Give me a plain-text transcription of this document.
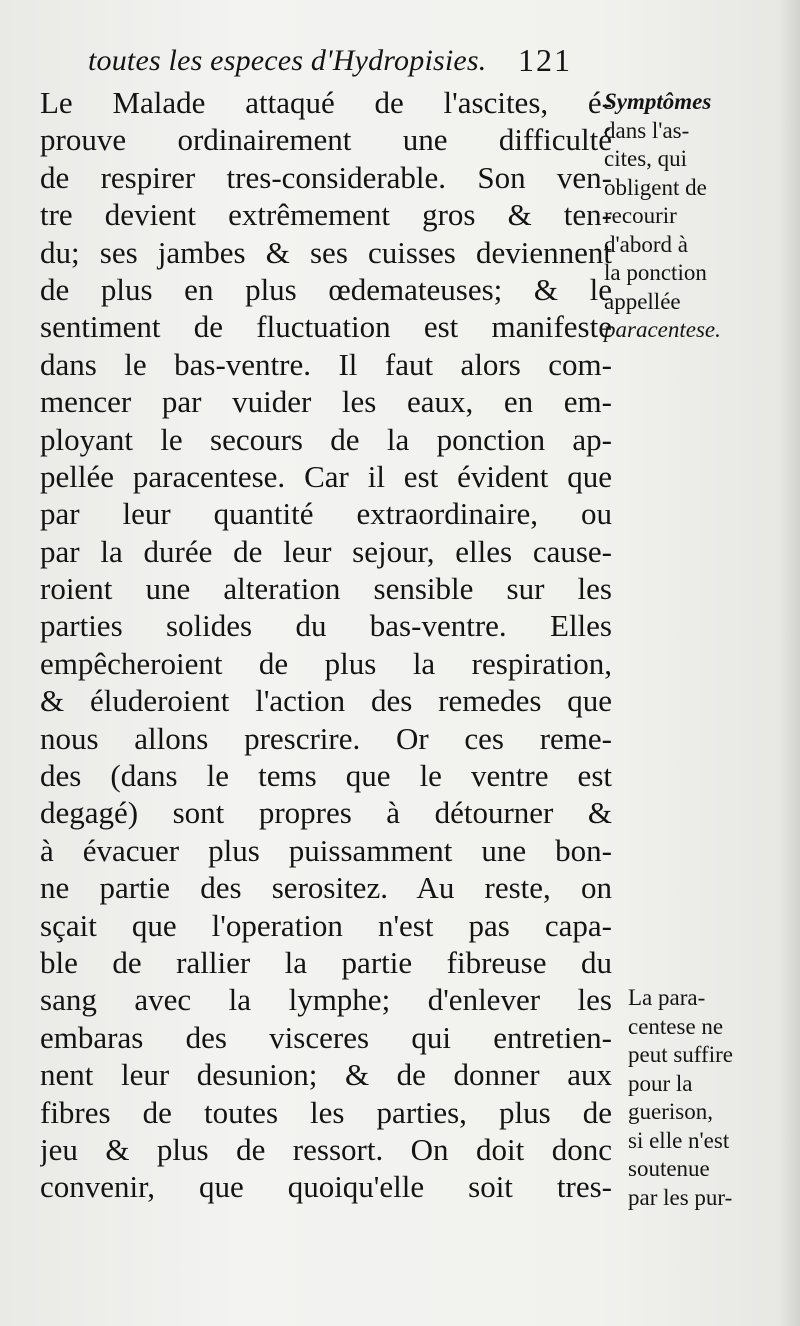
toutes les especes d'Hydropisies. 121
Le Malade attaqué de l'ascites, é-
prouve ordinairement une difficulté
de respirer tres-considerable. Son ven-
tre devient extrêmement gros & ten-
du; ses jambes & ses cuisses deviennent
de plus en plus œdemateuses; & le
sentiment de fluctuation est manifeste
dans le bas-ventre. Il faut alors com-
mencer par vuider les eaux, en em-
ployant le secours de la ponction ap-
pellée paracentese. Car il est évident que
par leur quantité extraordinaire, ou
par la durée de leur sejour, elles cause-
roient une alteration sensible sur les
parties solides du bas-ventre. Elles
empêcheroient de plus la respiration,
& éluderoient l'action des remedes que
nous allons prescrire. Or ces reme-
des (dans le tems que le ventre est
degagé) sont propres à détourner &
à évacuer plus puissamment une bon-
ne partie des serositez. Au reste, on
sçait que l'operation n'est pas capa-
ble de rallier la partie fibreuse du
sang avec la lymphe; d'enlever les
embaras des visceres qui entretien-
nent leur desunion; & de donner aux
fibres de toutes les parties, plus de
jeu & plus de ressort. On doit donc
convenir, que quoiqu'elle soit tres-
Symptômes
dans l'as-
cites, qui
obligent de
recourir
d'abord à
la ponction
appellée
paracentese.
La para-
centese ne
peut suffire
pour la
guerison,
si elle n'est
soutenue
par les pur-
